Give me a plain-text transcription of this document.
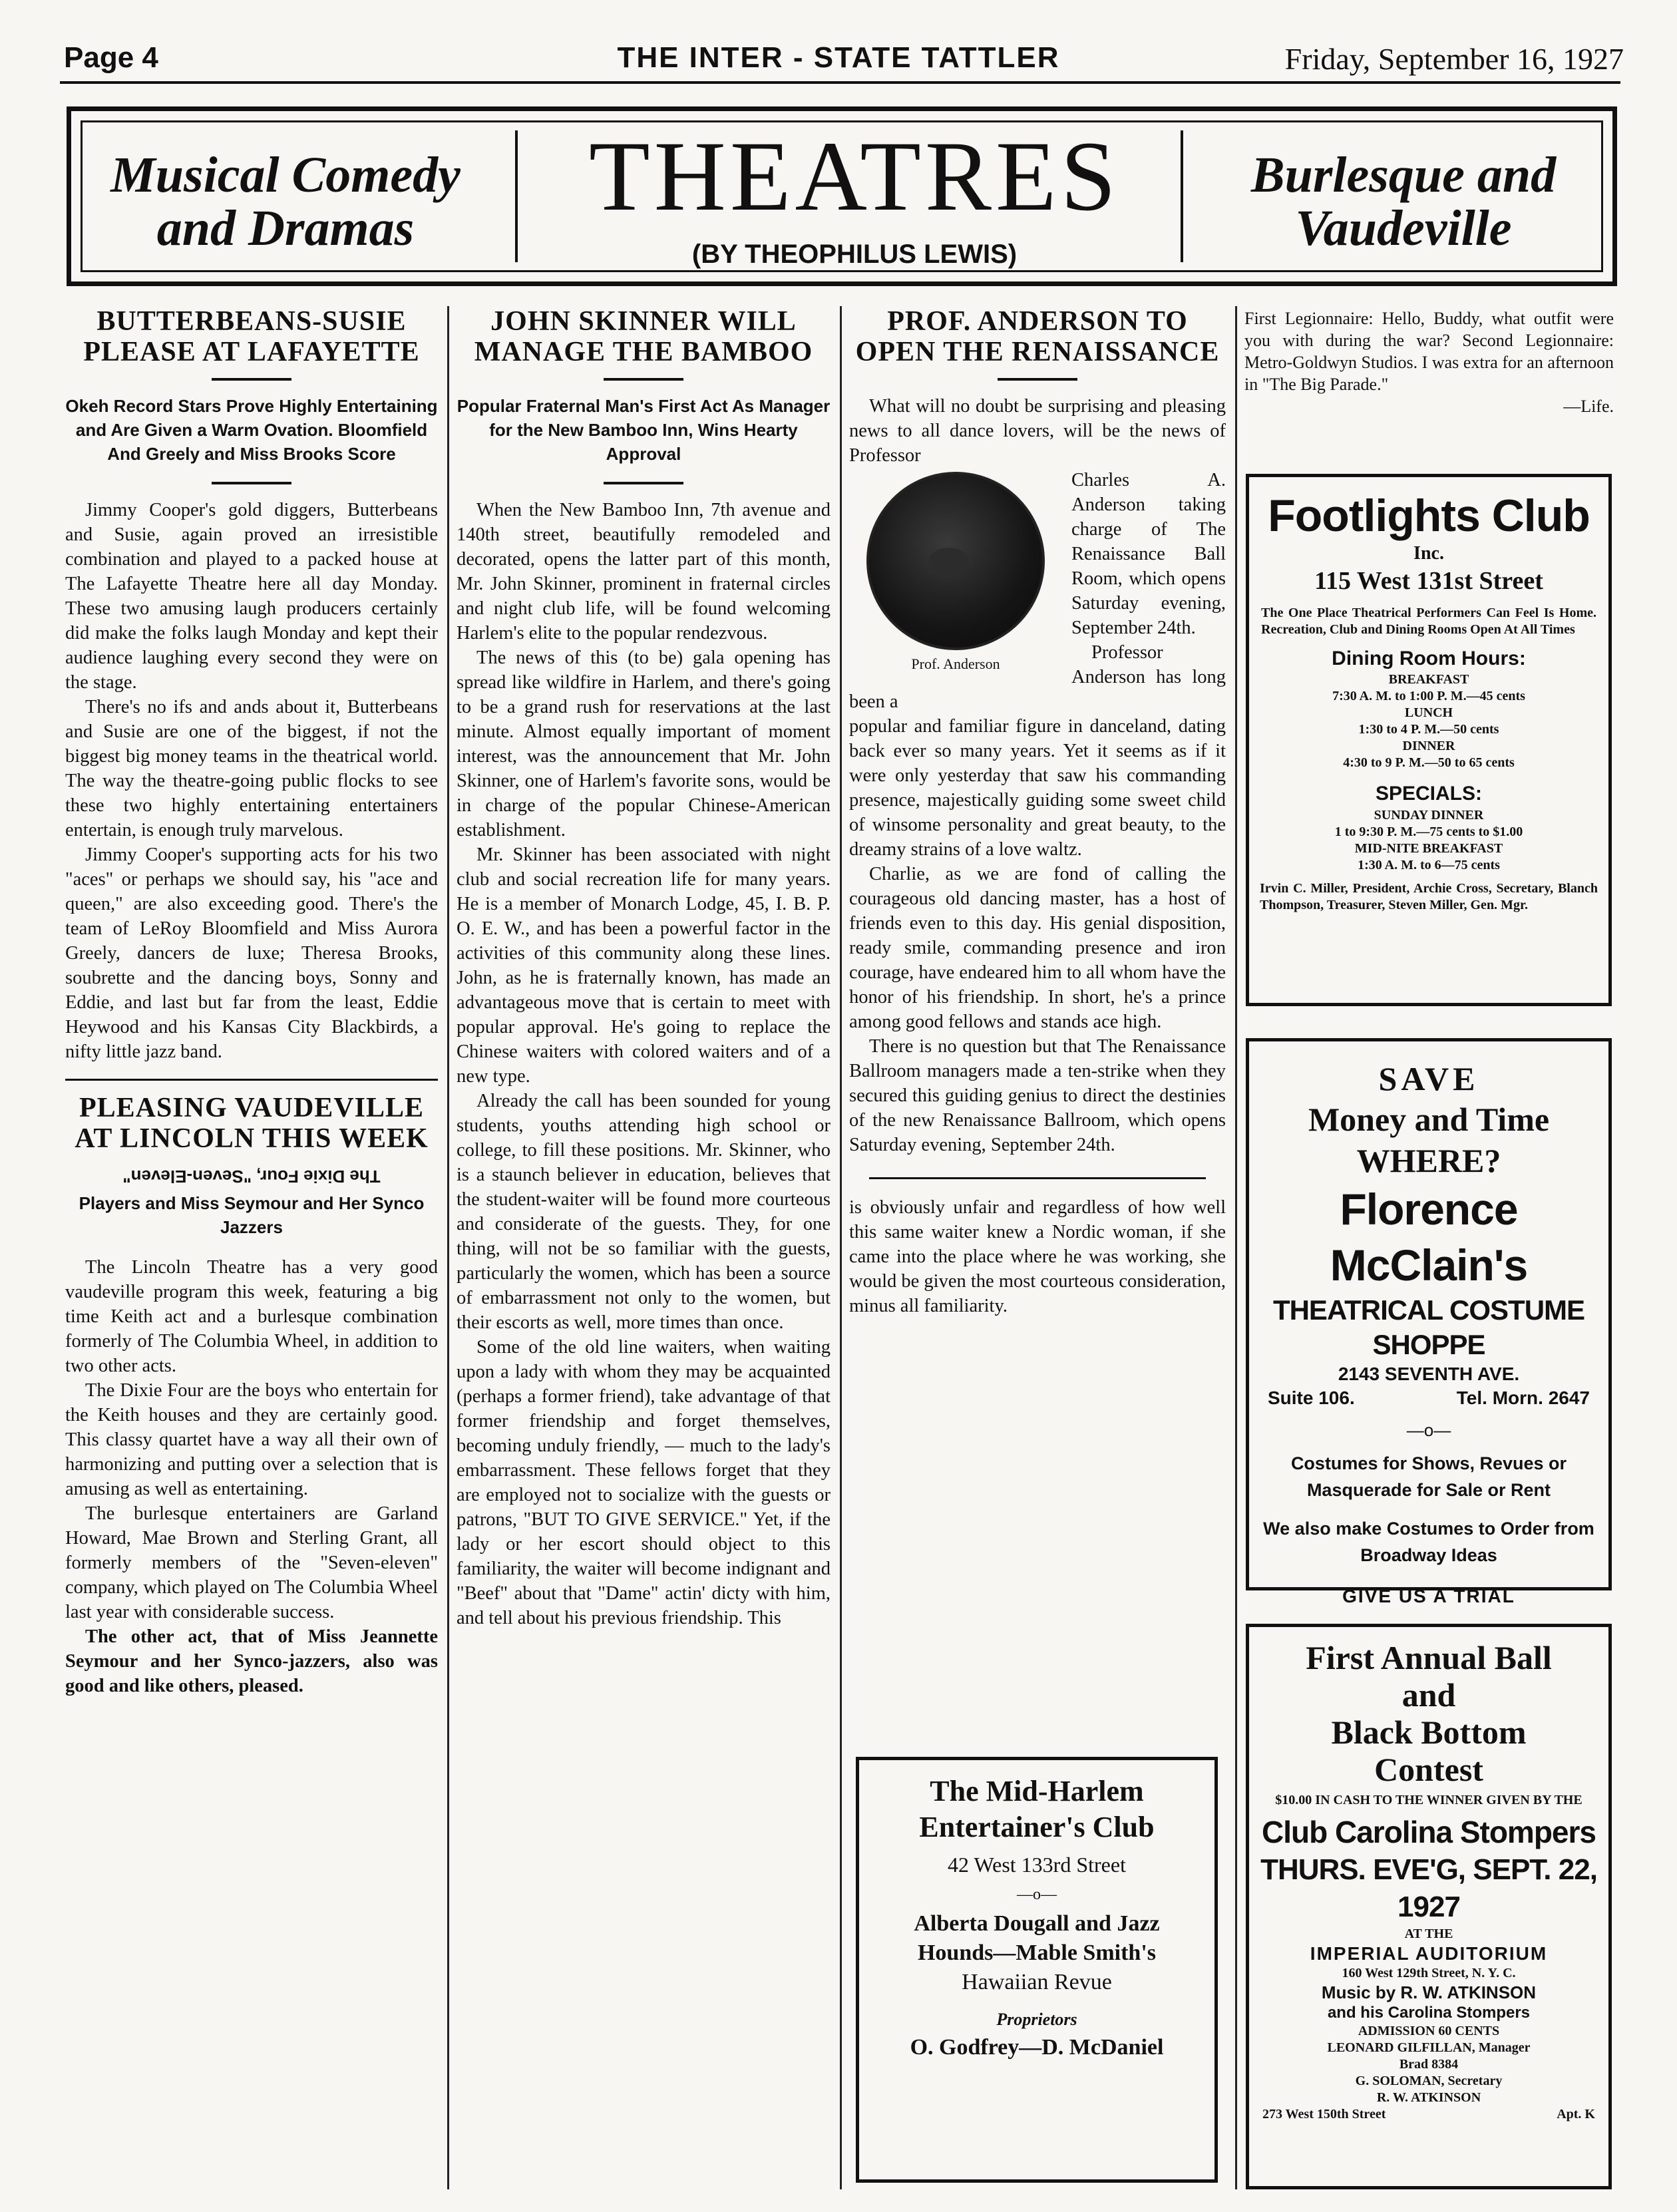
Page 4	THE INTER - STATE TATTLER	Friday, September 16, 1927
Musical Comedy and Dramas	THEATRES
(BY THEOPHILUS LEWIS)
Burlesque and Vaudeville
BUTTERBEANS-SUSIE PLEASE AT LAFAYETTE
Okeh Record Stars Prove Highly Entertaining and Are Given a Warm Ovation. Bloomfield And Greely and Miss Brooks Score

Jimmy Cooper's gold diggers, Butterbeans and Susie, again proved an irresistible combination and played to a packed house at The Lafayette Theatre here all day Monday. These two amusing laugh producers certainly did make the folks laugh Monday and kept their audience laughing every second they were on the stage.

There's no ifs and ands about it, Butterbeans and Susie are one of the biggest, if not the biggest big money teams in the theatrical world. The way the theatre-going public flocks to see these two highly entertaining entertainers entertain, is enough truly marvelous.

Jimmy Cooper's supporting acts for his two "aces" or perhaps we should say, his "ace and queen," are also exceeding good. There's the team of LeRoy Bloomfield and Miss Aurora Greely, dancers de luxe; Theresa Brooks, soubrette and the dancing boys, Sonny and Eddie, and last but far from the least, Eddie Heywood and his Kansas City Blackbirds, a nifty little jazz band.

PLEASING VAUDEVILLE AT LINCOLN THIS WEEK
The Dixie Four, "Seven-Eleven"
Players and Miss Seymour and Her Synco Jazzers

The Lincoln Theatre has a very good vaudeville program this week, featuring a big time Keith act and a burlesque combination formerly of The Columbia Wheel, in addition to two other acts.

The Dixie Four are the boys who entertain for the Keith houses and they are certainly good. This classy quartet have a way all their own of harmonizing and putting over a selection that is amusing as well as entertaining.

The burlesque entertainers are Garland Howard, Mae Brown and Sterling Grant, all formerly members of the "Seven-eleven" company, which played on The Columbia Wheel last year with considerable success.

The other act, that of Miss Jeannette Seymour and her Synco-jazzers, also was good and like others, pleased.

JOHN SKINNER WILL MANAGE THE BAMBOO
Popular Fraternal Man's First Act As Manager for the New Bamboo Inn, Wins Hearty Approval

When the New Bamboo Inn, 7th avenue and 140th street, beautifully remodeled and decorated, opens the latter part of this month, Mr. John Skinner, prominent in fraternal circles and night club life, will be found welcoming Harlem's elite to the popular rendezvous.

The news of this (to be) gala opening has spread like wildfire in Harlem, and there's going to be a grand rush for reservations at the last minute. Almost equally important of moment interest, was the announcement that Mr. John Skinner, one of Harlem's favorite sons, would be in charge of the popular Chinese-American establishment.

Mr. Skinner has been associated with night club and social recreation life for many years. He is a member of Monarch Lodge, 45, I. B. P. O. E. W., and has been a powerful factor in the activities of this community along these lines. John, as he is fraternally known, has made an advantageous move that is certain to meet with popular approval. He's going to replace the Chinese waiters with colored waiters and of a new type.

Already the call has been sounded for young students, youths attending high school or college, to fill these positions. Mr. Skinner, who is a staunch believer in education, believes that the student-waiter will be found more courteous and considerate of the guests. They, for one thing, will not be so familiar with the guests, particularly the women, which has been a source of embarrassment not only to the women, but their escorts as well, more times than once.

Some of the old line waiters, when waiting upon a lady with whom they may be acquainted (perhaps a former friend), take advantage of that former friendship and forget themselves, becoming unduly friendly, — much to the lady's embarrassment. These fellows forget that they are employed not to socialize with the guests or patrons, "BUT TO GIVE SERVICE." Yet, if the lady or her escort should object to this familiarity, the waiter will become indignant and "Beef" about that "Dame" actin' dicty with him, and tell about his previous friendship. This

PROF. ANDERSON TO OPEN THE RENAISSANCE

What will no doubt be surprising and pleasing news to all dance lovers, will be the news of Professor

Prof. Anderson

Charles A. Anderson taking charge of The Renaissance Ball Room, which opens Saturday evening, September 24th.

Professor Anderson has long been a

popular and familiar figure in danceland, dating back ever so many years. Yet it seems as if it were only yesterday that saw his commanding presence, majestically guiding some sweet child of winsome personality and great beauty, to the dreamy strains of a love waltz.

Charlie, as we are fond of calling the courageous old dancing master, has a host of friends even to this day. His genial disposition, ready smile, commanding presence and iron courage, have endeared him to all whom have the honor of his friendship. In short, he's a prince among good fellows and stands ace high.

There is no question but that The Renaissance Ballroom managers made a ten-strike when they secured this guiding genius to direct the destinies of the new Renaissance Ballroom, which opens Saturday evening, September 24th.

is obviously unfair and regardless of how well this same waiter knew a Nordic woman, if she came into the place where he was working, she would be given the most courteous consideration, minus all familiarity.

The Mid-Harlem
Entertainer's Club
42 West 133rd Street
—o—
Alberta Dougall and Jazz
Hounds—Mable Smith's
Hawaiian Revue
Proprietors
O. Godfrey—D. McDaniel
First Legionnaire: Hello, Buddy, what outfit were you with during the war? Second Legionnaire: Metro-Goldwyn Studios. I was extra for an afternoon in "The Big Parade."
—Life.
Footlights Club
Inc.
115 West 131st Street
The One Place Theatrical Performers Can Feel Is Home. Recreation, Club and Dining Rooms Open At All Times
Dining Room Hours:
BREAKFAST
7:30 A. M. to 1:00 P. M.—45 cents
LUNCH
1:30 to 4 P. M.—50 cents
DINNER
4:30 to 9 P. M.—50 to 65 cents
SPECIALS:
SUNDAY DINNER
1 to 9:30 P. M.—75 cents to $1.00
MID-NITE BREAKFAST
1:30 A. M. to 6—75 cents
Irvin C. Miller, President, Archie Cross, Secretary, Blanch Thompson, Treasurer, Steven Miller, Gen. Mgr.
SAVE
Money and Time
WHERE?
Florence McClain's
THEATRICAL COSTUME SHOPPE
2143 SEVENTH AVE.
Suite 106.	Tel. Morn. 2647
—o—
Costumes for Shows, Revues or Masquerade for Sale or Rent
We also make Costumes to Order from Broadway Ideas
GIVE US A TRIAL
First Annual Ball
and
Black Bottom
Contest
$10.00 IN CASH TO THE WINNER GIVEN BY THE
Club Carolina Stompers
THURS. EVE'G, SEPT. 22, 1927
AT THE
IMPERIAL AUDITORIUM
160 West 129th Street, N. Y. C.
Music by R. W. ATKINSON
and his Carolina Stompers
ADMISSION 60 CENTS
LEONARD GILFILLAN, Manager
Brad 8384
G. SOLOMAN, Secretary
R. W. ATKINSON
273 West 150th Street	Apt. K
